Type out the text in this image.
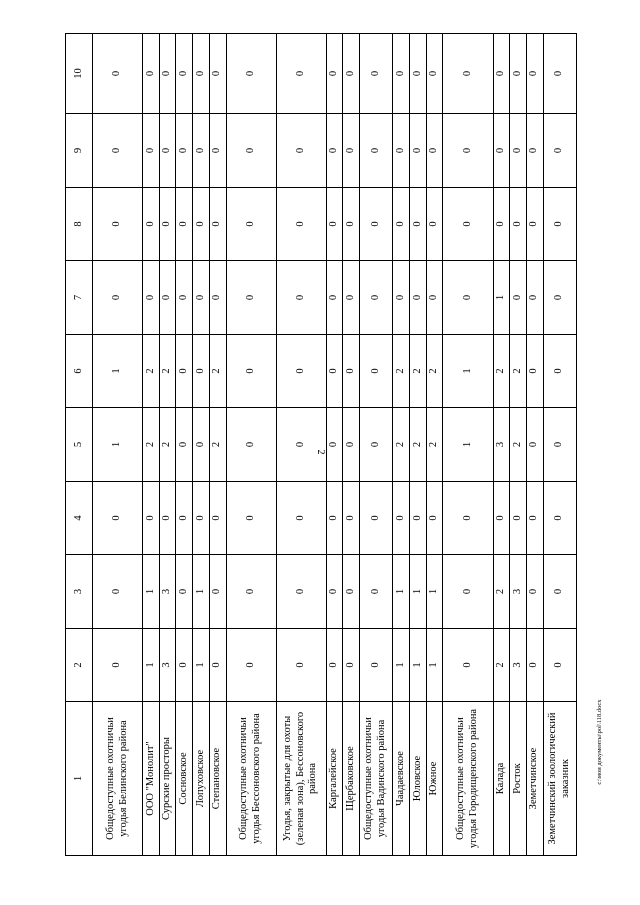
2
1	2	3	4	5	6	7	8	9	10
Общедоступные охотничьи угодья Белинского района	0	0	0	1	1	0	0	0	0
ООО "Монолит"	1	1	0	2	2	0	0	0	0
Сурские просторы	3	3	0	2	2	0	0	0	0
Сосновское	0	0	0	0	0	0	0	0	0
Лопуховское	1	1	0	0	0	0	0	0	0
Степановское	0	0	0	2	2	0	0	0	0
Общедоступные охотничьи угодья Бессоновского района	0	0	0	0	0	0	0	0	0
Угодья, закрытые для охоты (зеленая зона), Бессоновского района	0	0	0	0	0	0	0	0	0
Каргалейское	0	0	0	0	0	0	0	0	0
Щербаковское	0	0	0	0	0	0	0	0	0
Общедоступные охотничьи угодья Вадинского района	0	0	0	0	0	0	0	0	0
Чаадаевское	1	1	0	2	2	0	0	0	0
Юловское	1	1	0	2	2	0	0	0	0
Южное	1	1	0	2	2	0	0	0	0
Общедоступные охотничьи угодья Городищенского района	0	0	0	1	1	0	0	0	0
Калада	2	2	0	3	2	1	0	0	0
Росток	3	3	0	2	2	0	0	0	0
Земетчинское	0	0	0	0	0	0	0	0	0
Земетчинский зоологический заказник	0	0	0	0	0	0	0	0	0
c:\мои документы\pol\118.docx
